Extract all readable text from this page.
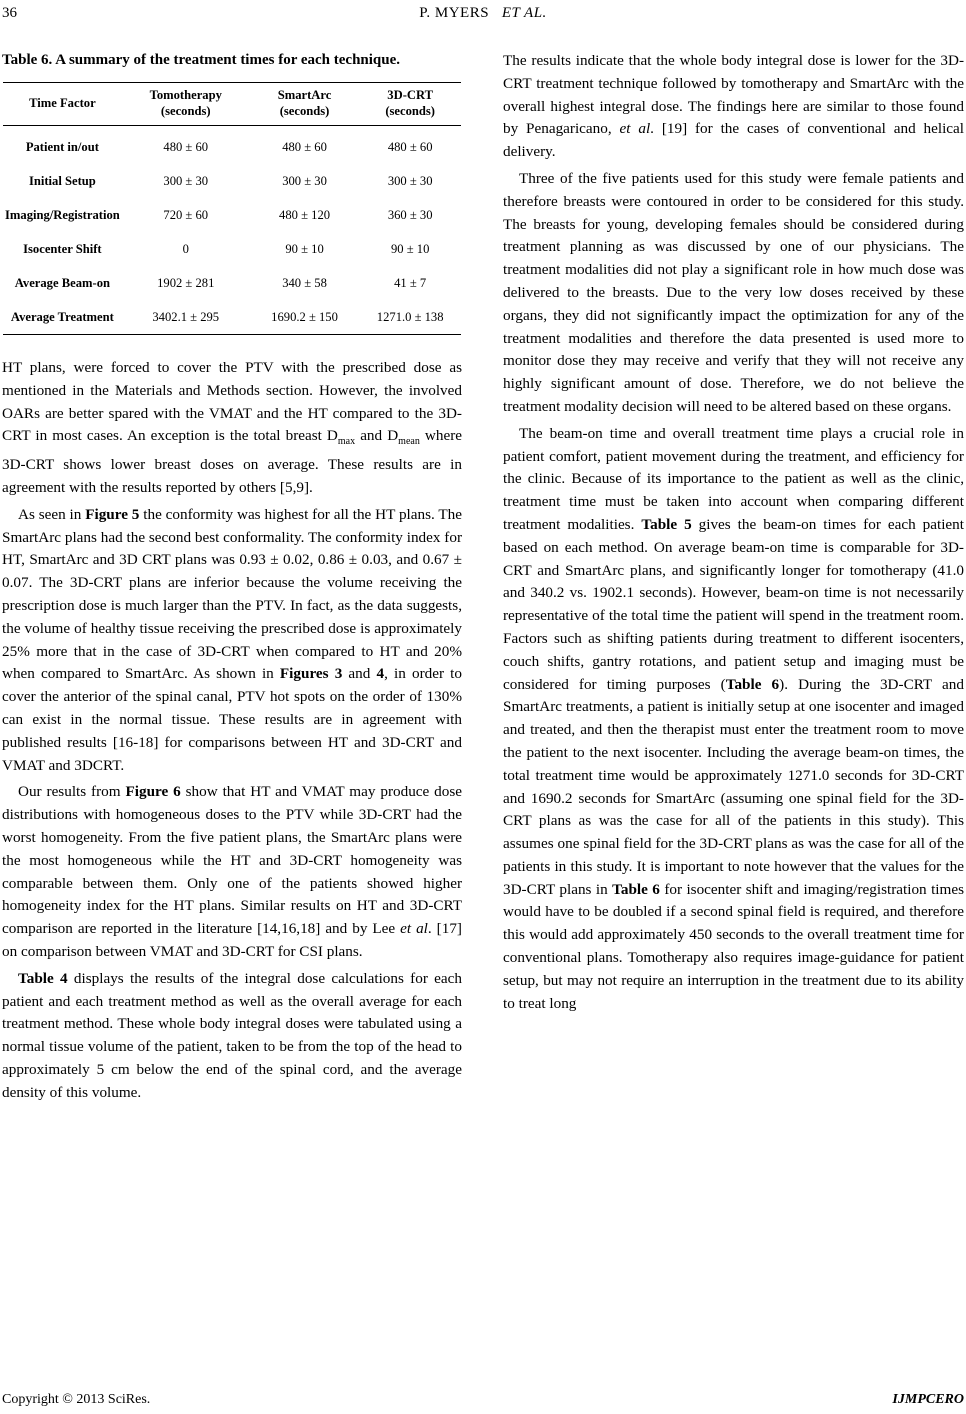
36	P. MYERS ET AL.
Table 6. A summary of the treatment times for each technique.
Time Factor	Tomotherapy (seconds)	SmartArc (seconds)	3D-CRT (seconds)
Patient in/out	480 ± 60	480 ± 60	480 ± 60
Initial Setup	300 ± 30	300 ± 30	300 ± 30
Imaging/Registration	720 ± 60	480 ± 120	360 ± 30
Isocenter Shift	0	90 ± 10	90 ± 10
Average Beam-on	1902 ± 281	340 ± 58	41 ± 7
Average Treatment	3402.1 ± 295	1690.2 ± 150	1271.0 ± 138

HT plans, were forced to cover the PTV with the prescribed dose as mentioned in the Materials and Methods section. However, the involved OARs are better spared with the VMAT and the HT compared to the 3D-CRT in most cases. An exception is the total breast $D_{max}$ and $D_{mean}$ where 3D-CRT shows lower breast doses on average. These results are in agreement with the results reported by others [5,9].

As seen in Figure 5 the conformity was highest for all the HT plans. The SmartArc plans had the second best conformality. The conformity index for HT, SmartArc and 3D CRT plans was 0.93 ± 0.02, 0.86 ± 0.03, and 0.67 ± 0.07. The 3D-CRT plans are inferior because the volume receiving the prescription dose is much larger than the PTV. In fact, as the data suggests, the volume of healthy tissue receiving the prescribed dose is approximately 25% more that in the case of 3D-CRT when compared to HT and 20% when compared to SmartArc. As shown in Figures 3 and 4, in order to cover the anterior of the spinal canal, PTV hot spots on the order of 130% can exist in the normal tissue. These results are in agreement with published results [16-18] for comparisons between HT and 3D-CRT and VMAT and 3DCRT.

Our results from Figure 6 show that HT and VMAT may produce dose distributions with homogeneous doses to the PTV while 3D-CRT had the worst homogeneity. From the five patient plans, the SmartArc plans were the most homogeneous while the HT and 3D-CRT homogeneity was comparable between them. Only one of the patients showed higher homogeneity index for the HT plans. Similar results on HT and 3D-CRT comparison are reported in the literature [14,16,18] and by Lee et al. [17] on comparison between VMAT and 3D-CRT for CSI plans.

Table 4 displays the results of the integral dose calculations for each patient and each treatment method as well as the overall average for each treatment method. These whole body integral doses were tabulated using a normal tissue volume of the patient, taken to be from the top of the head to approximately 5 cm below the end of the spinal cord, and the average density of this volume.

The results indicate that the whole body integral dose is lower for the 3D-CRT treatment technique followed by tomotherapy and SmartArc with the overall highest integral dose. The findings here are similar to those found by Penagaricano, et al. [19] for the cases of conventional and helical delivery.

Three of the five patients used for this study were female patients and therefore breasts were contoured in order to be considered for this study. The breasts for young, developing females should be considered during treatment planning as was discussed by one of our physicians. The treatment modalities did not play a significant role in how much dose was delivered to the breasts. Due to the very low doses received by these organs, they did not significantly impact the optimization for any of the treatment modalities and therefore the data presented is used more to monitor dose they may receive and verify that they will not receive any highly significant amount of dose. Therefore, we do not believe the treatment modality decision will need to be altered based on these organs.

The beam-on time and overall treatment time plays a crucial role in patient comfort, patient movement during the treatment, and efficiency for the clinic. Because of its importance to the patient as well as the clinic, treatment time must be taken into account when comparing different treatment modalities. Table 5 gives the beam-on times for each patient based on each method. On average beam-on time is comparable for 3D-CRT and SmartArc plans, and significantly longer for tomotherapy (41.0 and 340.2 vs. 1902.1 seconds). However, beam-on time is not necessarily representative of the total time the patient will spend in the treatment room. Factors such as shifting patients during treatment to different isocenters, couch shifts, gantry rotations, and patient setup and imaging must be considered for timing purposes (Table 6). During the 3D-CRT and SmartArc treatments, a patient is initially setup at one isocenter and imaged and treated, and then the therapist must enter the treatment room to move the patient to the next isocenter. Including the average beam-on times, the total treatment time would be approximately 1271.0 seconds for 3D-CRT and 1690.2 seconds for SmartArc (assuming one spinal field for the 3D-CRT plans as was the case for all of the patients in this study). This assumes one spinal field for the 3D-CRT plans as was the case for all of the patients in this study. It is important to note however that the values for the 3D-CRT plans in Table 6 for isocenter shift and imaging/registration times would have to be doubled if a second spinal field is required, and therefore this would add approximately 450 seconds to the overall treatment time for conventional plans. Tomotherapy also requires image-guidance for patient setup, but may not require an interruption in the treatment due to its ability to treat long

Copyright © 2013 SciRes.	IJMPCERO
